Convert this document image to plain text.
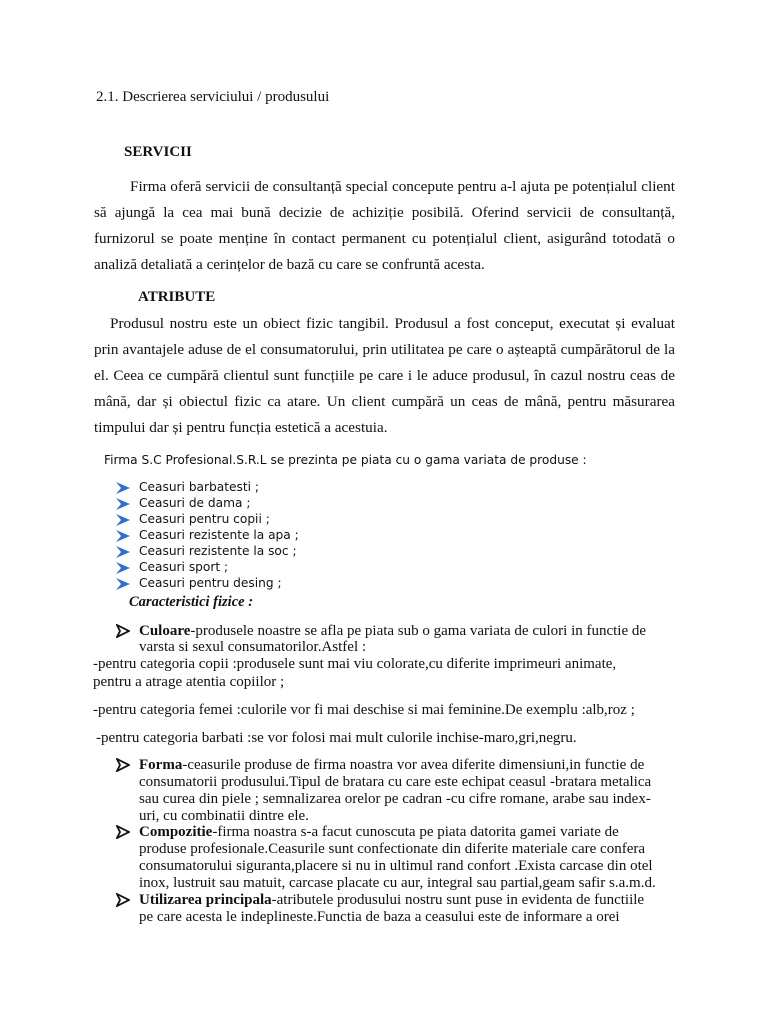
2.1. Descrierea serviciului / produsului
SERVICII
Firma oferă servicii de consultanță special concepute pentru a-l ajuta pe potențialul client să ajungă la cea mai bună decizie de achiziție posibilă. Oferind servicii de consultanță, furnizorul se poate menține în contact permanent cu potențialul client, asigurând totodată o analiză detaliată a cerințelor de bază cu care se confruntă acesta.
ATRIBUTE
Produsul nostru este un obiect fizic tangibil. Produsul a fost conceput, executat și evaluat prin avantajele aduse de el consumatorului, prin utilitatea pe care o așteaptă cumpărătorul de la el. Ceea ce cumpără clientul sunt funcțiile pe care i le aduce produsul, în cazul nostru ceas de mână, dar și obiectul fizic ca atare. Un client cumpără un ceas de mână, pentru măsurarea timpului dar și pentru funcția estetică a acestuia.
Firma S.C Profesional.S.R.L se prezinta pe piata cu o gama variata de produse :
Ceasuri barbatesti ;
Ceasuri de dama ;
Ceasuri pentru copii ;
Ceasuri rezistente la apa ;
Ceasuri rezistente la soc ;
Ceasuri sport ;
Ceasuri pentru desing ;
Caracteristici fizice :
Culoare-produsele noastre se afla pe piata sub o gama variata de culori in functie de
varsta si sexul consumatorilor.Astfel :
-pentru categoria copii :produsele sunt mai viu colorate,cu diferite imprimeuri animate,
pentru a atrage atentia copiilor ;
-pentru categoria femei :culorile vor fi mai deschise si mai feminine.De exemplu :alb,roz ;
-pentru categoria barbati :se vor folosi mai mult culorile inchise-maro,gri,negru.
Forma-ceasurile produse de firma noastra vor avea diferite dimensiuni,in functie de
consumatorii produsului.Tipul de bratara cu care este echipat ceasul -bratara metalica
sau curea din piele ; semnalizarea orelor pe cadran -cu cifre romane, arabe sau index-
uri, cu combinatii dintre ele.
Compozitie-firma noastra s-a facut cunoscuta pe piata datorita gamei variate de
produse profesionale.Ceasurile sunt confectionate din diferite materiale care confera
consumatorului siguranta,placere si nu in ultimul rand confort .Exista carcase din otel
inox, lustruit sau matuit, carcase placate cu aur, integral sau partial,geam safir s.a.m.d.
Utilizarea principala-atributele produsului nostru sunt puse in evidenta de functiile
pe care acesta le indeplineste.Functia de baza a ceasului este de informare a orei
